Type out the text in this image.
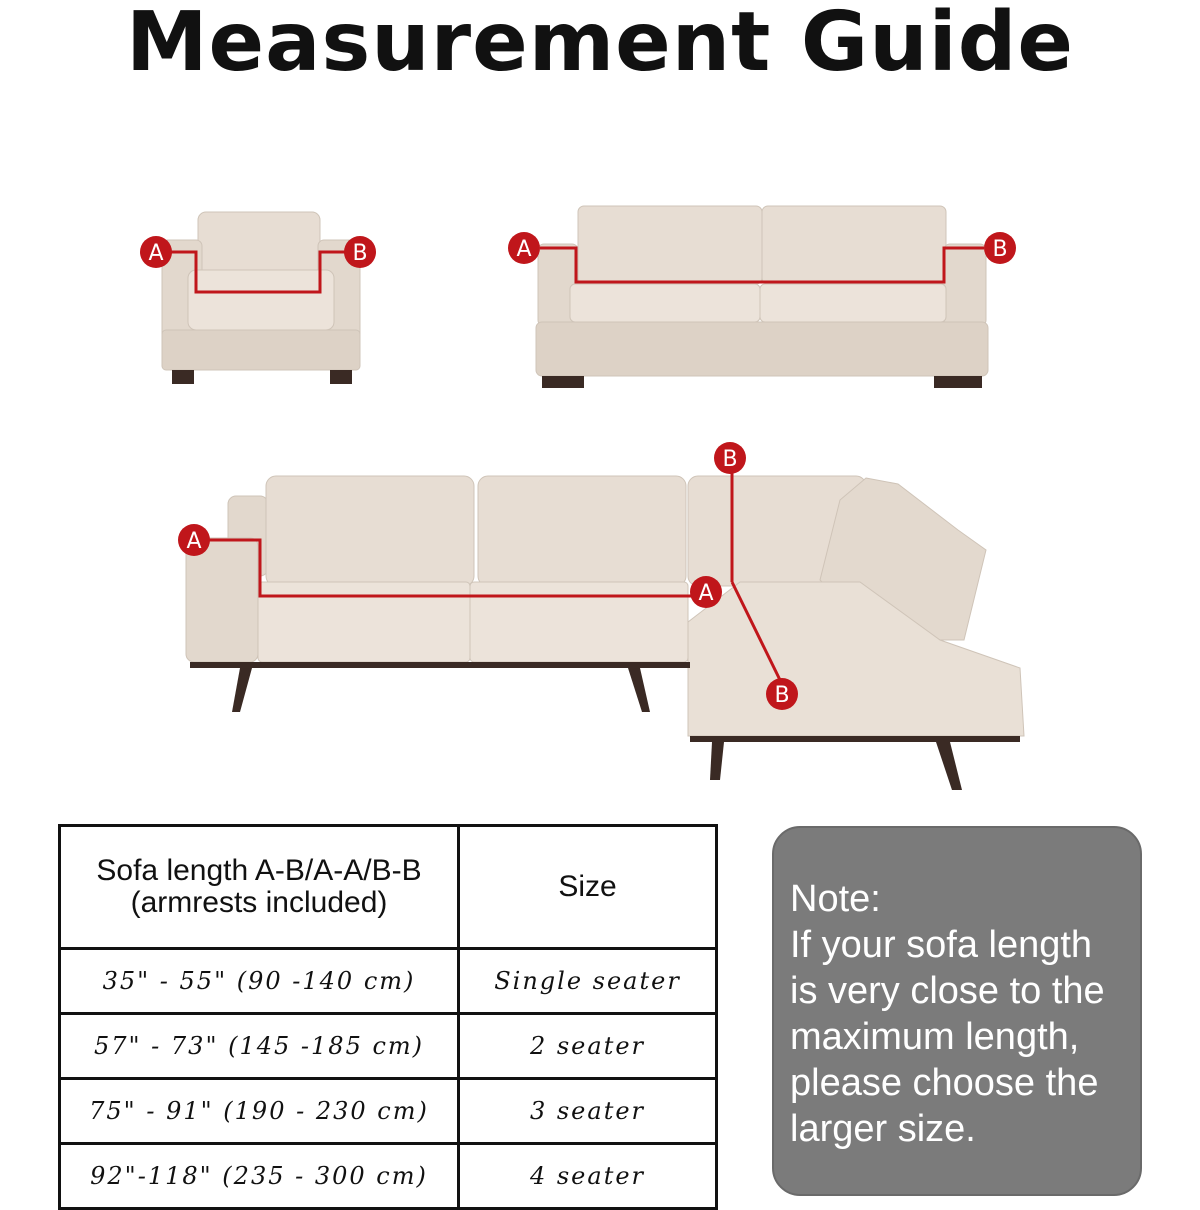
Measurement Guide
A	B	A	B
A
A
B
B
Sofa length A-B/A-A/B-B
(armrests included)	Size
35" - 55" (90 -140 cm)	Single seater
57" - 73" (145 -185 cm)	2 seater
75" - 91" (190 - 230 cm)	3 seater
92"-118" (235 - 300 cm)	4 seater
Note:
If your sofa length is very close to the maximum length, please choose the larger size.
